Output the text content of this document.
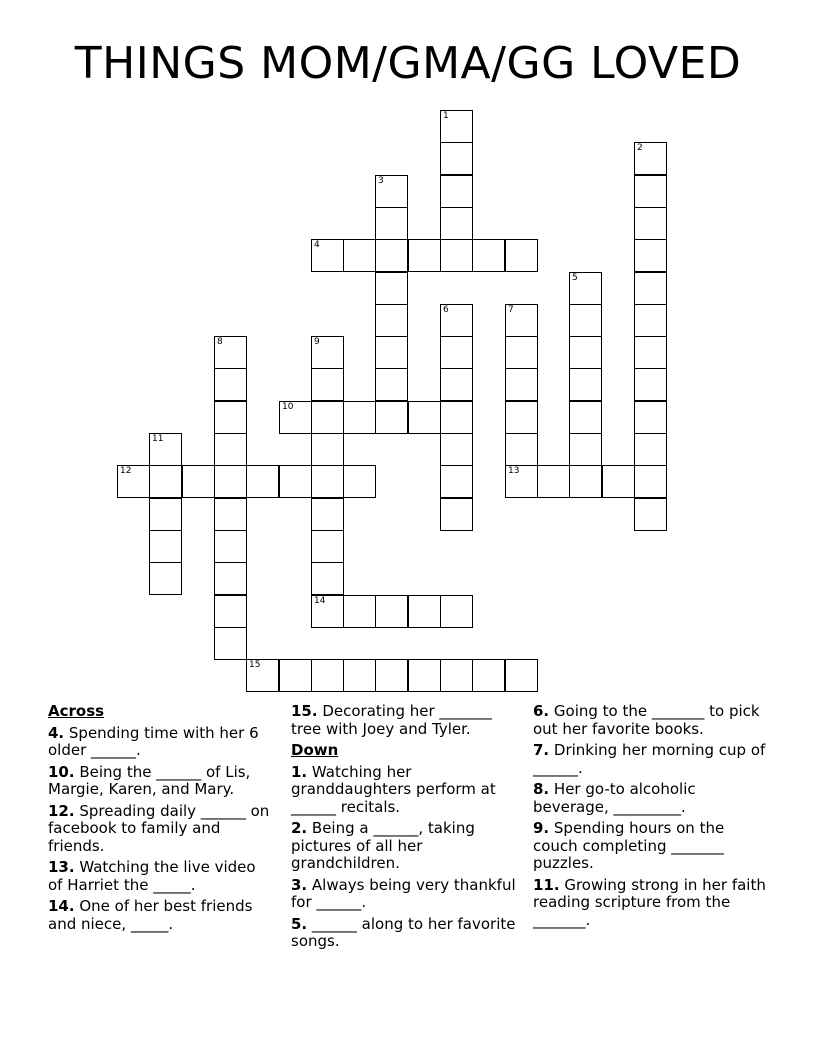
THINGS MOM/GMA/GG LOVED
1
2
3
4
5
6	7
13
8	9
10
11
12
14
15
Across
4. Spending time with her 6 older ______.
10. Being the ______ of Lis, Margie, Karen, and Mary.
12. Spreading daily ______ on facebook to family and friends.
13. Watching the live video of Harriet the _____.
14. One of her best friends and niece, _____.
15. Decorating her _______ tree with Joey and Tyler.
Down
1. Watching her granddaughters perform at ______ recitals.
2. Being a ______, taking pictures of all her grandchildren.
3. Always being very thankful for ______.
5. ______ along to her favorite songs.
6. Going to the _______ to pick out her favorite books.
7. Drinking her morning cup of ______.
8. Her go-to alcoholic beverage, _________.
9. Spending hours on the couch completing _______ puzzles.
11. Growing strong in her faith reading scripture from the _______.
